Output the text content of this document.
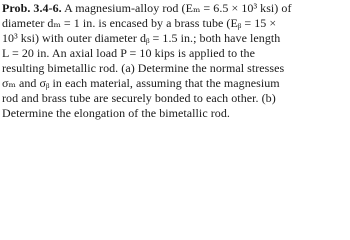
Prob. 3.4-6. A magnesium-alloy rod (Eₘ = 6.5 × 10³ ksi) of
diameter dₘ = 1 in. is encased by a brass tube (Eᵦ = 15 ×
10³ ksi) with outer diameter dᵦ = 1.5 in.; both have length
L = 20 in. An axial load P = 10 kips is applied to the
resulting bimetallic rod. (a) Determine the normal stresses
σₘ and σᵦ in each material, assuming that the magnesium
rod and brass tube are securely bonded to each other. (b)
Determine the elongation of the bimetallic rod.
